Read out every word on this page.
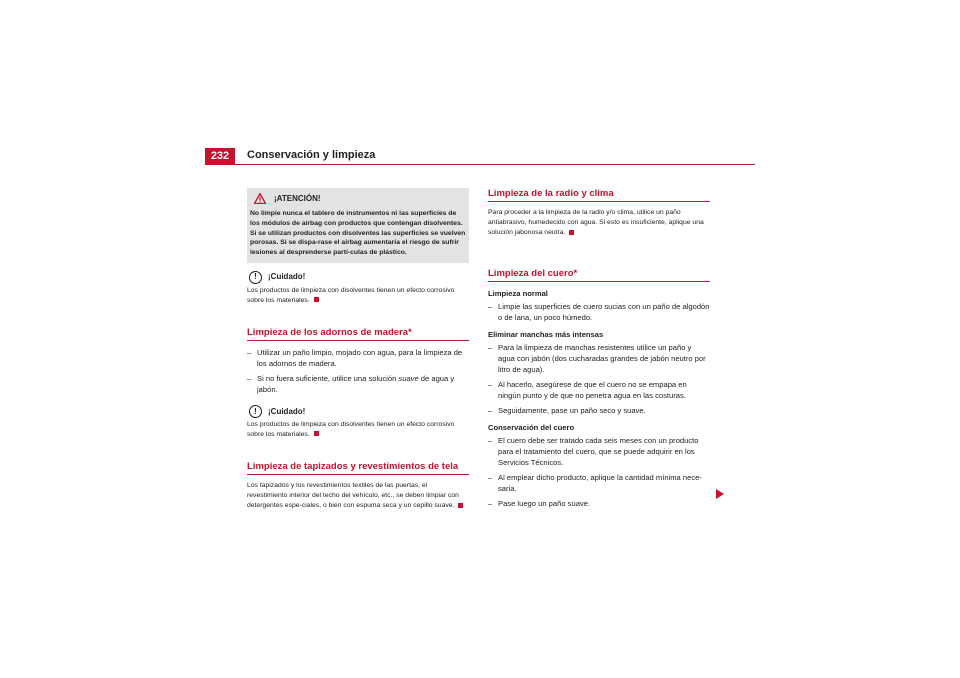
232	Conservación y limpieza
¡ATENCIÓN!
No limpie nunca el tablero de instrumentos ni las superficies de los módulos de airbag con productos que contengan disolventes. Si se utilizan productos con disolventes las superficies se vuelven porosas. Si se dispa-rase el airbag aumentaría el riesgo de sufrir lesiones al desprenderse partí-culas de plástico.
!	¡Cuidado!
Los productos de limpieza con disolventes tienen un efecto corrosivo sobre los materiales.
Limpieza de los adornos de madera*
– Utilizar un paño limpio, mojado con agua, para la limpieza de los adornos de madera.
– Si no fuera suficiente, utilice una solución suave de agua y jabón.
!	¡Cuidado!
Los productos de limpieza con disolventes tienen un efecto corrosivo sobre los materiales.
Limpieza de tapizados y revestimientos de tela
Los tapizados y los revestimientos textiles de las puertas, el revestimiento interior del techo del vehículo, etc., se deben limpiar con detergentes espe-ciales, o bien con espuma seca y un cepillo suave.
Limpieza de la radio y clima
Para proceder a la limpieza de la radio y/o clima, utilice un paño antiabrasivo, humedecido con agua. Si esto es insuficiente, aplique una solución jabonosa neutra.
Limpieza del cuero*
Limpieza normal
– Limpie las superficies de cuero sucias con un paño de algodón o de lana, un poco húmedo.
Eliminar manchas más intensas
– Para la limpieza de manchas resistentes utilice un paño y agua con jabón (dos cucharadas grandes de jabón neutro por litro de agua).
– Al hacerlo, asegúrese de que el cuero no se empapa en ningún punto y de que no penetra agua en las costuras.
– Seguidamente, pase un paño seco y suave.
Conservación del cuero
– El cuero debe ser tratado cada seis meses con un producto para el tratamiento del cuero, que se puede adquirir en los Servicios Técnicos.
– Al emplear dicho producto, aplique la cantidad mínima nece-saria.
– Pase luego un paño suave.
